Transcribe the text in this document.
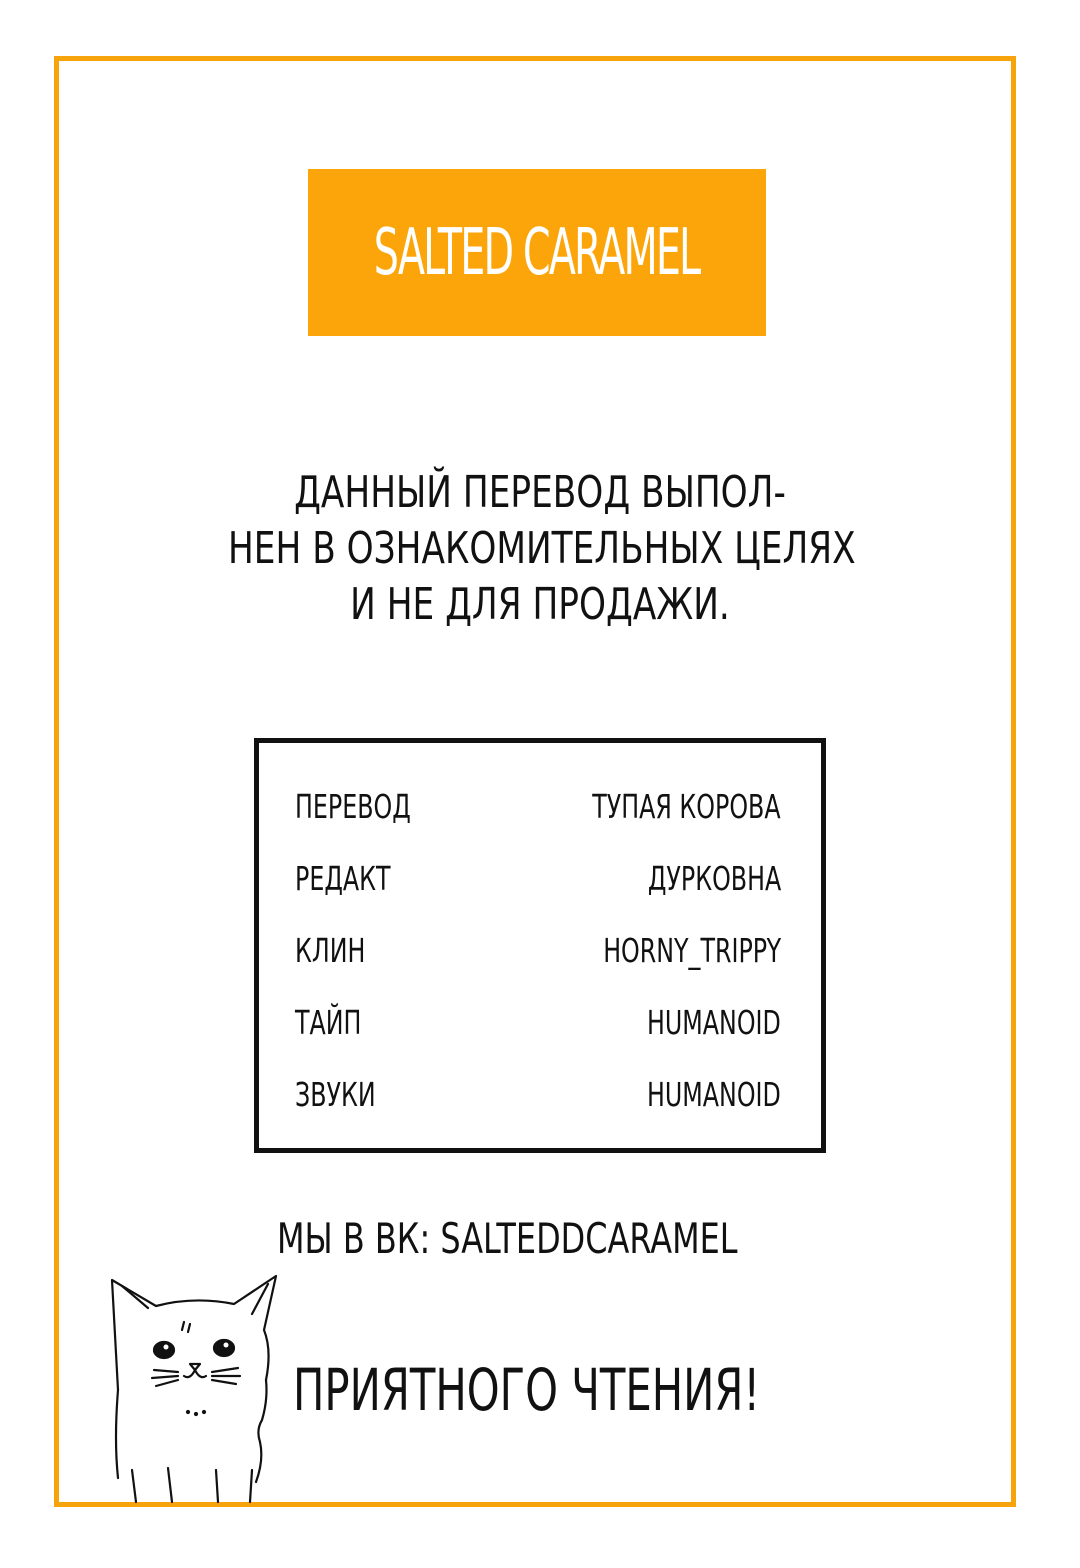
SALTED CARAMEL
ДАННЫЙ ПЕРЕВОД ВЫПОЛ-
НЕН В ОЗНАКОМИТЕЛЬНЫХ ЦЕЛЯХ
И НЕ ДЛЯ ПРОДАЖИ.
ПЕРЕВОД	ТУПАЯ КОРОВА
РЕДАКТ	ДУРКОВНА
КЛИН	HORNY_TRIPPY
ТАЙП	HUMANOID
ЗВУКИ	HUMANOID
МЫ В ВК: SALTEDDCARAMEL
ПРИЯТНОГО ЧТЕНИЯ!
